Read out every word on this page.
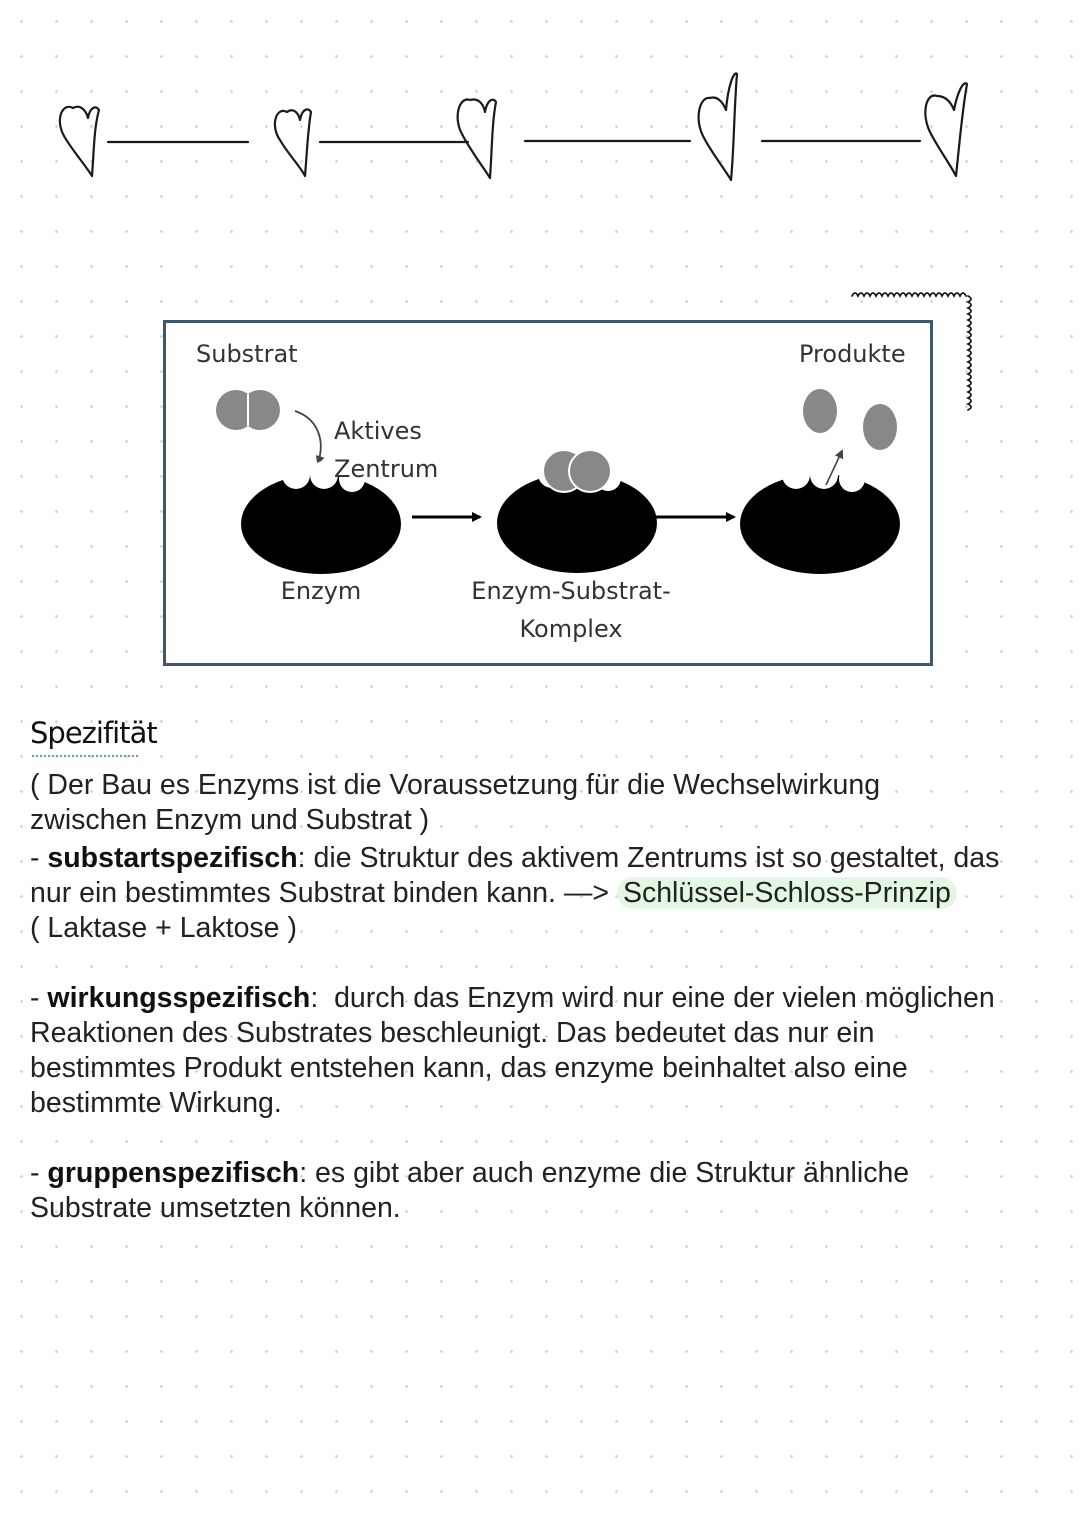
Substrat	Produkte
Aktives
Zentrum
Enzym	Enzym-Substrat-
Komplex
Spezifität

( Der Bau es Enzyms ist die Voraussetzung für die Wechselwirkung
zwischen Enzym und Substrat )

- substartspezifisch: die Struktur des aktivem Zentrums ist so gestaltet, das
nur ein bestimmtes Substrat binden kann. —> Schlüssel-Schloss-Prinzip
( Laktase + Laktose )

- wirkungsspezifisch:  durch das Enzym wird nur eine der vielen möglichen
Reaktionen des Substrates beschleunigt. Das bedeutet das nur ein
bestimmtes Produkt entstehen kann, das enzyme beinhaltet also eine
bestimmte Wirkung.

- gruppenspezifisch: es gibt aber auch enzyme die Struktur ähnliche
Substrate umsetzten können.
